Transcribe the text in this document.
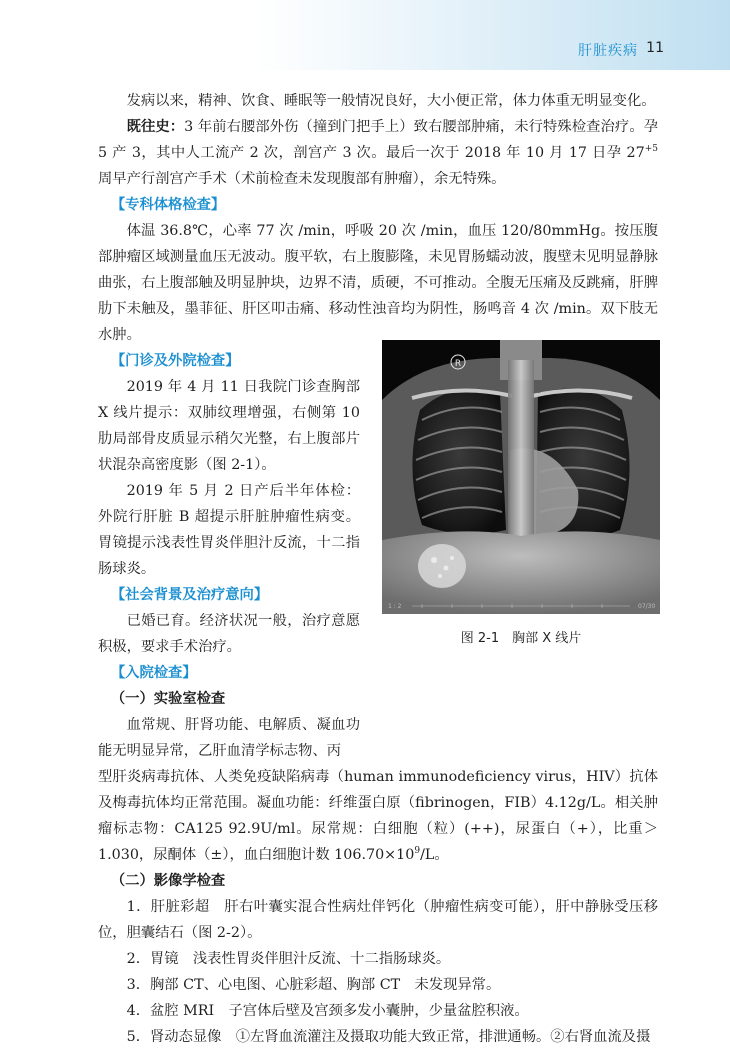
肝脏疾病 11

发病以来，精神、饮食、睡眠等一般情况良好，大小便正常，体力体重无明显变化。

既往史：3 年前右腰部外伤（撞到门把手上）致右腰部肿痛，未行特殊检查治疗。孕 5 产 3，其中人工流产 2 次，剖宫产 3 次。最后一次于 2018 年 10 月 17 日孕 $27^{+5}$ 周早产行剖宫产手术（术前检查未发现腹部有肿瘤），余无特殊。

【专科体格检查】

体温 36.8℃，心率 77 次 /min，呼吸 20 次 /min，血压 120/80mmHg。按压腹部肿瘤区域测量血压无波动。腹平软，右上腹膨隆，未见胃肠蠕动波，腹壁未见明显静脉曲张，右上腹部触及明显肿块，边界不清，质硬，不可推动。全腹无压痛及反跳痛，肝脾肋下未触及，墨菲征、肝区叩击痛、移动性浊音均为阴性，肠鸣音 4 次 /min。双下肢无水肿。

【门诊及外院检查】

2019 年 4 月 11 日我院门诊查胸部 X 线片提示：双肺纹理增强，右侧第 10 肋局部骨皮质显示稍欠光整，右上腹部片状混杂高密度影（图 2-1）。

2019 年 5 月 2 日产后半年体检：外院行肝脏 B 超提示肝脏肿瘤性病变。胃镜提示浅表性胃炎伴胆汁反流，十二指肠球炎。

【社会背景及治疗意向】

已婚已育。经济状况一般，治疗意愿积极，要求手术治疗。

【入院检查】

（一）实验室检查

血常规、肝肾功能、电解质、凝血功能无明显异常，乙肝血清学标志物、丙

型肝炎病毒抗体、人类免疫缺陷病毒（human immunodeficiency virus，HIV）抗体及梅毒抗体均正常范围。凝血功能：纤维蛋白原（fibrinogen，FIB）4.12g/L。相关肿瘤标志物：CA125 92.9U/ml。尿常规：白细胞（粒）(++)，尿蛋白（+），比重＞1.030，尿酮体（±），血白细胞计数 $106.70\times 10^9/L$。

（二）影像学检查

1．肝脏彩超　肝右叶囊实混合性病灶伴钙化（肿瘤性病变可能），肝中静脉受压移位，胆囊结石（图 2-2）。

2．胃镜　浅表性胃炎伴胆汁反流、十二指肠球炎。

3．胸部 CT、心电图、心脏彩超、胸部 CT　未发现异常。

4．盆腔 MRI　子宫体后壁及宫颈多发小囊肿，少量盆腔积液。

5．肾动态显像　①左肾血流灌注及摄取功能大致正常，排泄通畅。②右肾血流及摄

R
1 : 2	07/30
图 2-1　胸部 X 线片
